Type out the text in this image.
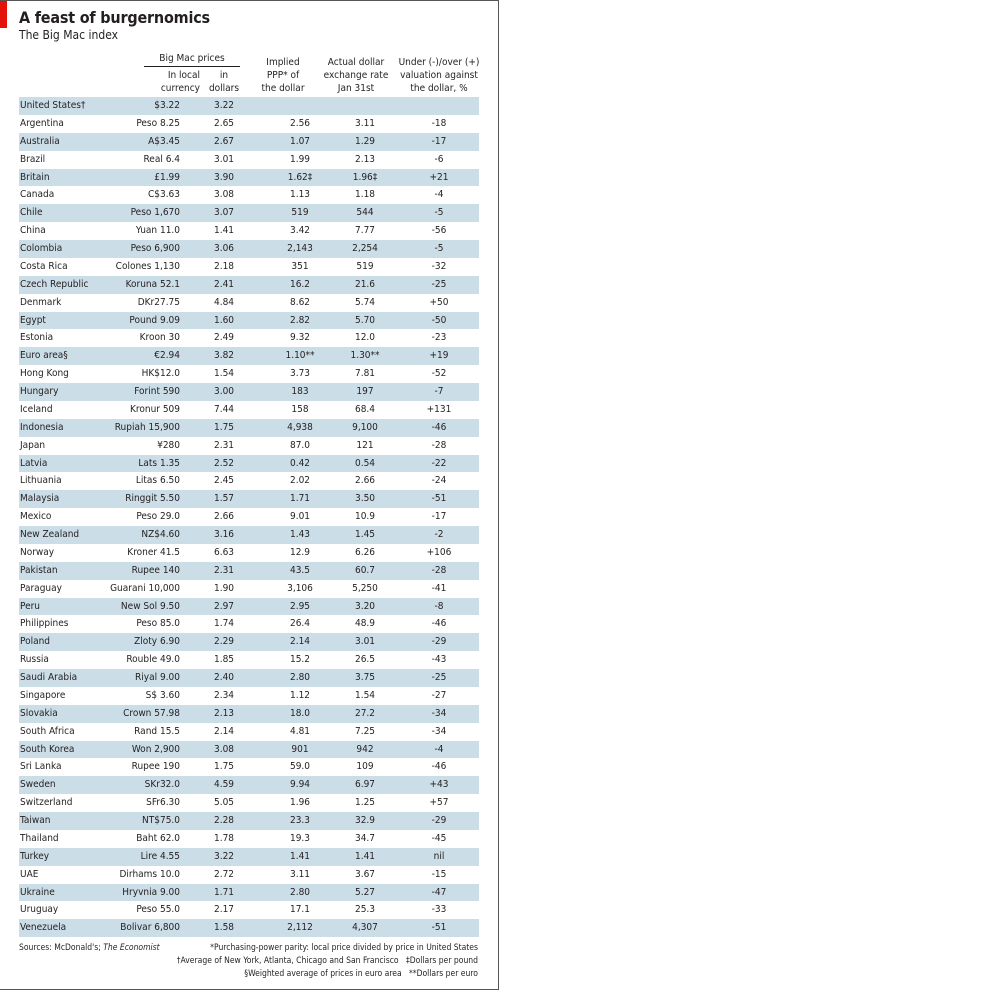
A feast of burgernomics
The Big Mac index
Big Mac prices
In local
currency
in
dollars
Implied
PPP* of
the dollar
Actual dollar
exchange rate
Jan 31st
Under (-)/over (+)
valuation against
the dollar, %
United States†	$3.22	3.22
Argentina	Peso 8.25	2.65	2.56	3.11	-18
Australia	A$3.45	2.67	1.07	1.29	-17
Brazil	Real 6.4	3.01	1.99	2.13	-6
Britain	£1.99	3.90	1.62‡	1.96‡	+21
Canada	C$3.63	3.08	1.13	1.18	-4
Chile	Peso 1,670	3.07	519	544	-5
China	Yuan 11.0	1.41	3.42	7.77	-56
Colombia	Peso 6,900	3.06	2,143	2,254	-5
Costa Rica	Colones 1,130	2.18	351	519	-32
Czech Republic	Koruna 52.1	2.41	16.2	21.6	-25
Denmark	DKr27.75	4.84	8.62	5.74	+50
Egypt	Pound 9.09	1.60	2.82	5.70	-50
Estonia	Kroon 30	2.49	9.32	12.0	-23
Euro area§	€2.94	3.82	1.10**	1.30**	+19
Hong Kong	HK$12.0	1.54	3.73	7.81	-52
Hungary	Forint 590	3.00	183	197	-7
Iceland	Kronur 509	7.44	158	68.4	+131
Indonesia	Rupiah 15,900	1.75	4,938	9,100	-46
Japan	¥280	2.31	87.0	121	-28
Latvia	Lats 1.35	2.52	0.42	0.54	-22
Lithuania	Litas 6.50	2.45	2.02	2.66	-24
Malaysia	Ringgit 5.50	1.57	1.71	3.50	-51
Mexico	Peso 29.0	2.66	9.01	10.9	-17
New Zealand	NZ$4.60	3.16	1.43	1.45	-2
Norway	Kroner 41.5	6.63	12.9	6.26	+106
Pakistan	Rupee 140	2.31	43.5	60.7	-28
Paraguay	Guarani 10,000	1.90	3,106	5,250	-41
Peru	New Sol 9.50	2.97	2.95	3.20	-8
Philippines	Peso 85.0	1.74	26.4	48.9	-46
Poland	Zloty 6.90	2.29	2.14	3.01	-29
Russia	Rouble 49.0	1.85	15.2	26.5	-43
Saudi Arabia	Riyal 9.00	2.40	2.80	3.75	-25
Singapore	S$ 3.60	2.34	1.12	1.54	-27
Slovakia	Crown 57.98	2.13	18.0	27.2	-34
South Africa	Rand 15.5	2.14	4.81	7.25	-34
South Korea	Won 2,900	3.08	901	942	-4
Sri Lanka	Rupee 190	1.75	59.0	109	-46
Sweden	SKr32.0	4.59	9.94	6.97	+43
Switzerland	SFr6.30	5.05	1.96	1.25	+57
Taiwan	NT$75.0	2.28	23.3	32.9	-29
Thailand	Baht 62.0	1.78	19.3	34.7	-45
Turkey	Lire 4.55	3.22	1.41	1.41	nil
UAE	Dirhams 10.0	2.72	3.11	3.67	-15
Ukraine	Hryvnia 9.00	1.71	2.80	5.27	-47
Uruguay	Peso 55.0	2.17	17.1	25.3	-33
Venezuela	Bolivar 6,800	1.58	2,112	4,307	-51
Sources: McDonald's; The Economist	*Purchasing-power parity: local price divided by price in United States
†Average of New York, Atlanta, Chicago and San Francisco   ‡Dollars per pound
§Weighted average of prices in euro area   **Dollars per euro
